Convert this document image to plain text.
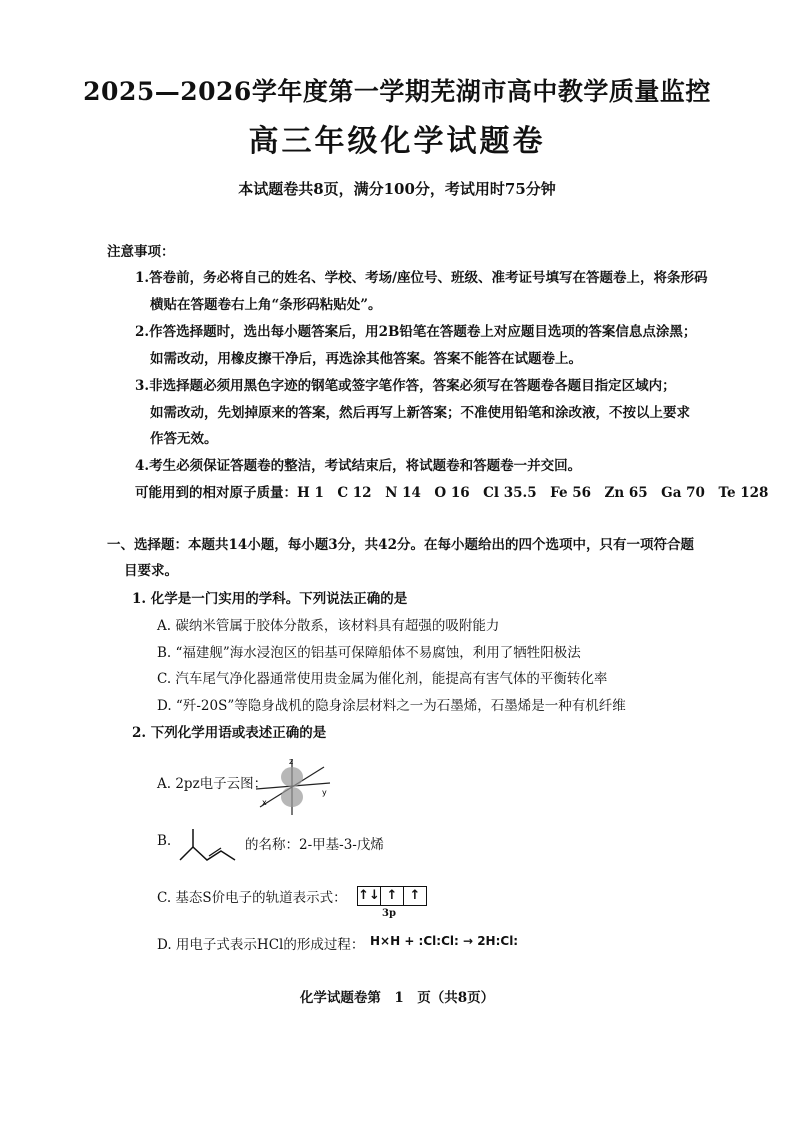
2025—2026学年度第一学期芜湖市高中教学质量监控
高三年级化学试题卷
本试题卷共8页，满分100分，考试用时75分钟
注意事项：
1.答卷前，务必将自己的姓名、学校、考场/座位号、班级、准考证号填写在答题卷上，将条形码
横贴在答题卷右上角“条形码粘贴处”。
2.作答选择题时，选出每小题答案后，用2B铅笔在答题卷上对应题目选项的答案信息点涂黑；
如需改动，用橡皮擦干净后，再选涂其他答案。答案不能答在试题卷上。
3.非选择题必须用黑色字迹的钢笔或签字笔作答，答案必须写在答题卷各题目指定区域内；
如需改动，先划掉原来的答案，然后再写上新答案；不准使用铅笔和涂改液，不按以上要求
作答无效。
4.考生必须保证答题卷的整洁，考试结束后，将试题卷和答题卷一并交回。
可能用到的相对原子质量：H 1　C 12　N 14　O 16　Cl 35.5　Fe 56　Zn 65　Ga 70　Te 128
一、选择题：本题共14小题，每小题3分，共42分。在每小题给出的四个选项中，只有一项符合题
目要求。
1. 化学是一门实用的学科。下列说法正确的是
A. 碳纳米管属于胶体分散系，该材料具有超强的吸附能力
B. “福建舰”海水浸泡区的铝基可保障船体不易腐蚀，利用了牺牲阳极法
C. 汽车尾气净化器通常使用贵金属为催化剂，能提高有害气体的平衡转化率
D. “歼-20S”等隐身战机的隐身涂层材料之一为石墨烯，石墨烯是一种有机纤维
2. 下列化学用语或表述正确的是
A. 2pz电子云图：
z
x
y
B.	的名称：2-甲基-3-戊烯
C. 基态S价电子的轨道表示式： ↑↓ ↑ ↑
3p
D. 用电子式表示HCl的形成过程： H×H + :Cl:Cl: → 2H:Cl:
化学试题卷第　1　页（共8页）
